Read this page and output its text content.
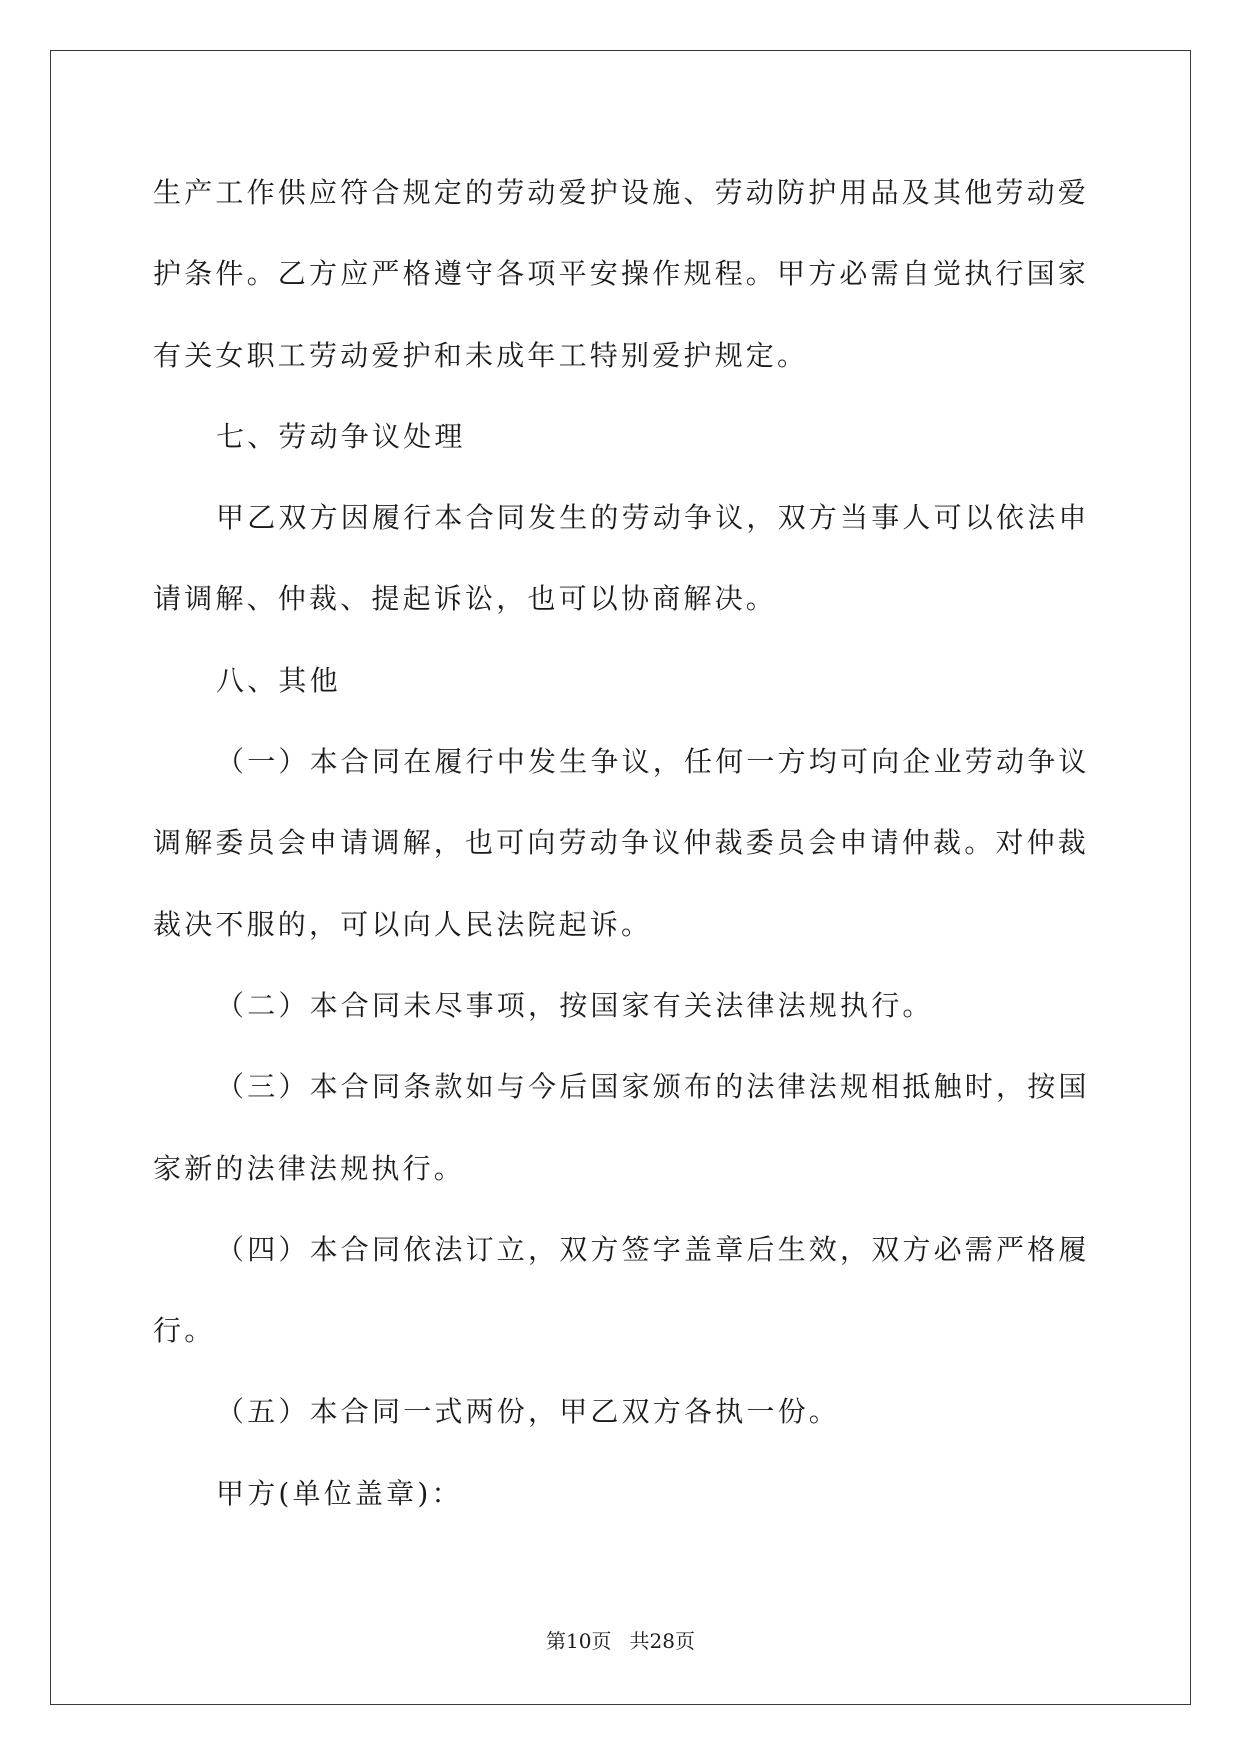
生产工作供应符合规定的劳动爱护设施、劳动防护用品及其他劳动爱
护条件。乙方应严格遵守各项平安操作规程。甲方必需自觉执行国家
有关女职工劳动爱护和未成年工特别爱护规定。
七、劳动争议处理
甲乙双方因履行本合同发生的劳动争议，双方当事人可以依法申
请调解、仲裁、提起诉讼，也可以协商解决。
八、其他
（一）本合同在履行中发生争议，任何一方均可向企业劳动争议
调解委员会申请调解，也可向劳动争议仲裁委员会申请仲裁。对仲裁
裁决不服的，可以向人民法院起诉。
（二）本合同未尽事项，按国家有关法律法规执行。
（三）本合同条款如与今后国家颁布的法律法规相抵触时，按国
家新的法律法规执行。
（四）本合同依法订立，双方签字盖章后生效，双方必需严格履
行。
（五）本合同一式两份，甲乙双方各执一份。
甲方(单位盖章)：
第10页 共28页
